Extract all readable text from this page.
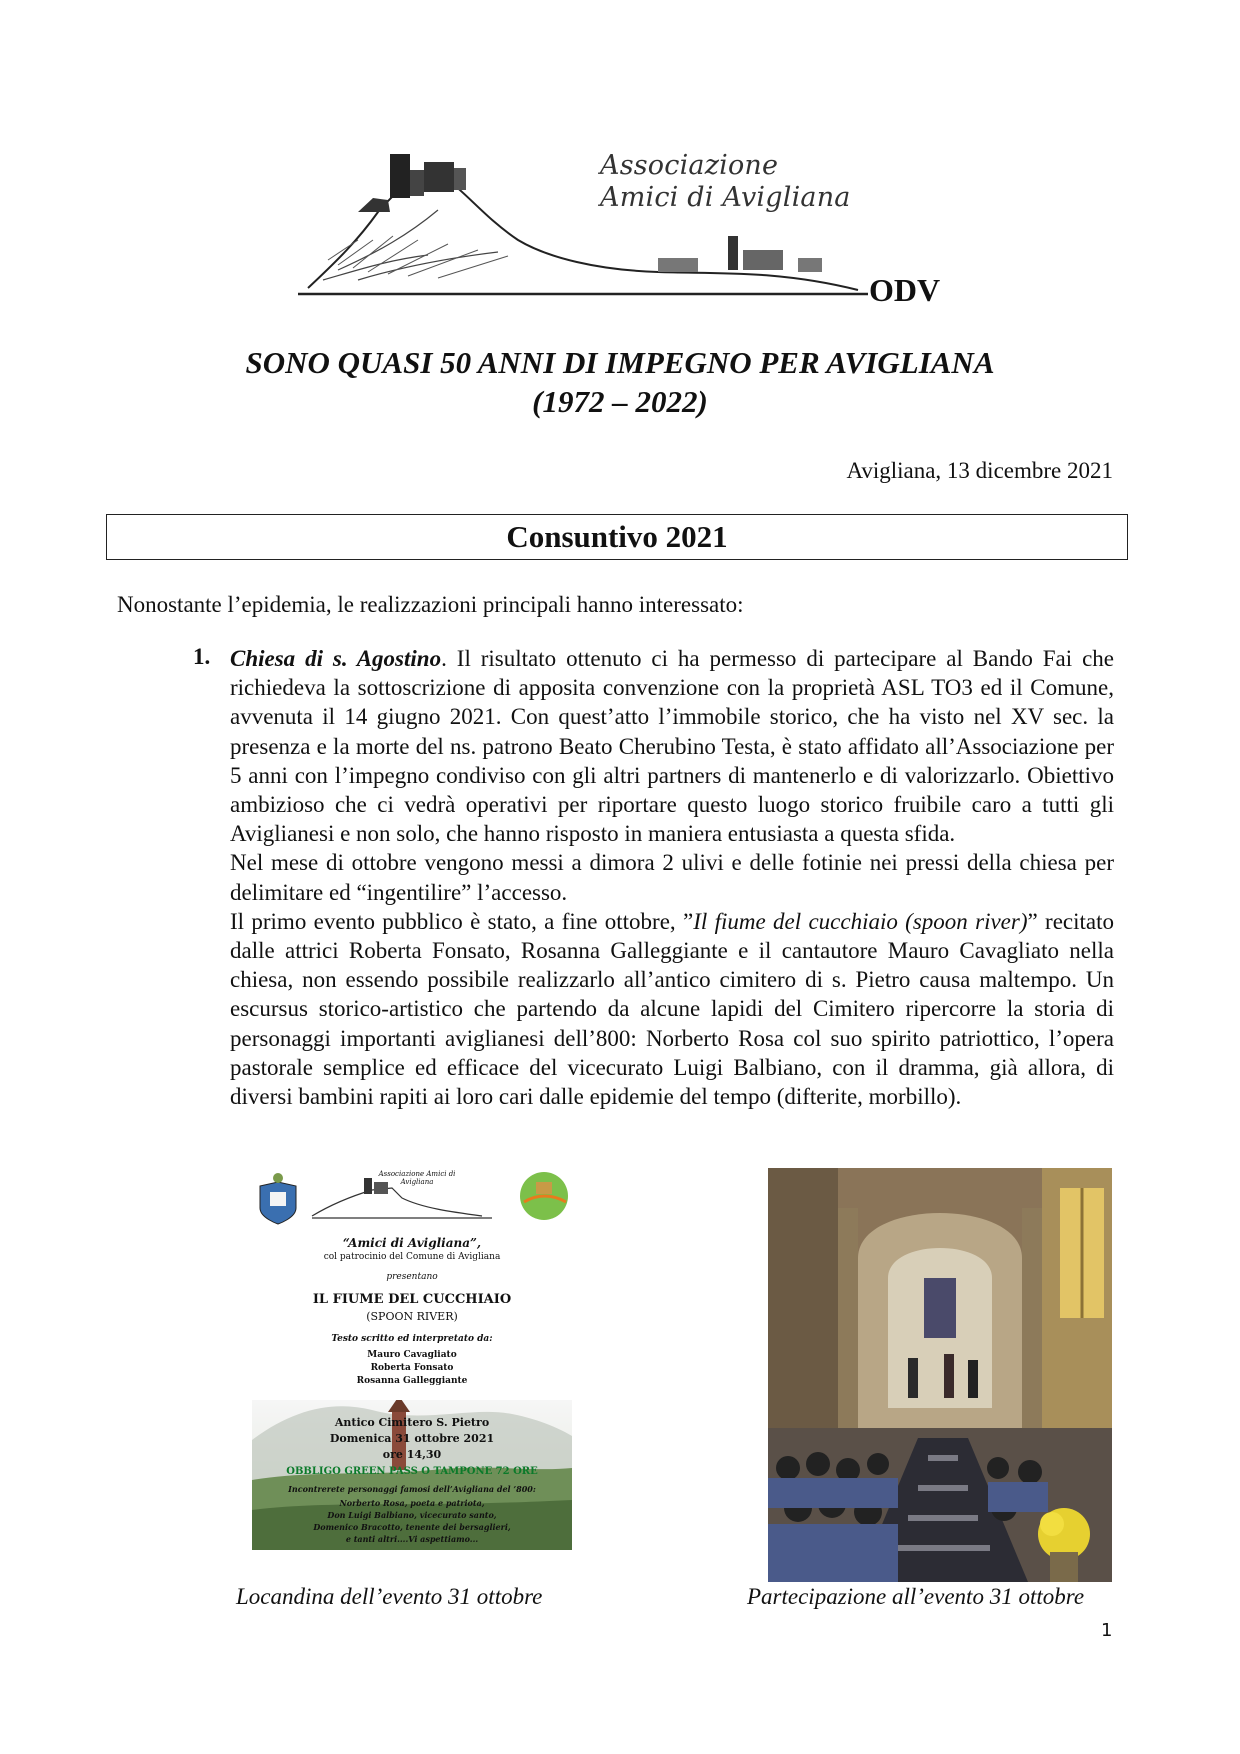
Associazione
Amici di Avigliana
ODV
SONO QUASI 50 ANNI DI IMPEGNO PER AVIGLIANA
(1972 – 2022)
Avigliana, 13 dicembre 2021
Consuntivo 2021
Nonostante l’epidemia, le realizzazioni principali hanno interessato:
1. Chiesa di s. Agostino. Il risultato ottenuto ci ha permesso di partecipare al Bando Fai che richiedeva la sottoscrizione di apposita convenzione con la proprietà ASL TO3 ed il Comune, avvenuta il 14 giugno 2021. Con quest’atto l’immobile storico, che ha visto nel XV sec. la presenza e la morte del ns. patrono Beato Cherubino Testa, è stato affidato all’Associazione per 5 anni con l’impegno condiviso con gli altri partners di mantenerlo e di valorizzarlo. Obiettivo ambizioso che ci vedrà operativi per riportare questo luogo storico fruibile caro a tutti gli Aviglianesi e non solo, che hanno risposto in maniera entusiasta a questa sfida.

Nel mese di ottobre vengono messi a dimora 2 ulivi e delle fotinie nei pressi della chiesa per delimitare ed “ingentilire” l’accesso.

Il primo evento pubblico è stato, a fine ottobre, ”Il fiume del cucchiaio (spoon river)” recitato dalle attrici Roberta Fonsato, Rosanna Galleggiante e il cantautore Mauro Cavagliato nella chiesa, non essendo possibile realizzarlo all’antico cimitero di s. Pietro causa maltempo. Un escursus storico-artistico che partendo da alcune lapidi del Cimitero ripercorre la storia di personaggi importanti aviglianesi dell’800: Norberto Rosa col suo spirito patriottico, l’opera pastorale semplice ed efficace del vicecurato Luigi Balbiano, con il dramma, già allora, di diversi bambini rapiti ai loro cari dalle epidemie del tempo (difterite, morbillo).

Associazione Amici di Avigliana
“Amici di Avigliana”,
col patrocinio del Comune di Avigliana
presentano
IL FIUME DEL CUCCHIAIO
(SPOON RIVER)
Testo scritto ed interpretato da:
Mauro Cavagliato
Roberta Fonsato
Rosanna Galleggiante
Antico Cimitero S. Pietro
Domenica 31 ottobre 2021
ore 14,30
OBBLIGO GREEN PASS O TAMPONE 72 ORE
Incontrerete personaggi famosi dell’Avigliana del ’800:
Norberto Rosa, poeta e patriota,
Don Luigi Balbiano, vicecurato santo,
Domenico Bracotto, tenente dei bersaglieri,
e tanti altri....Vi aspettiamo...
Locandina dell’evento 31 ottobre	Partecipazione all’evento 31 ottobre
1
